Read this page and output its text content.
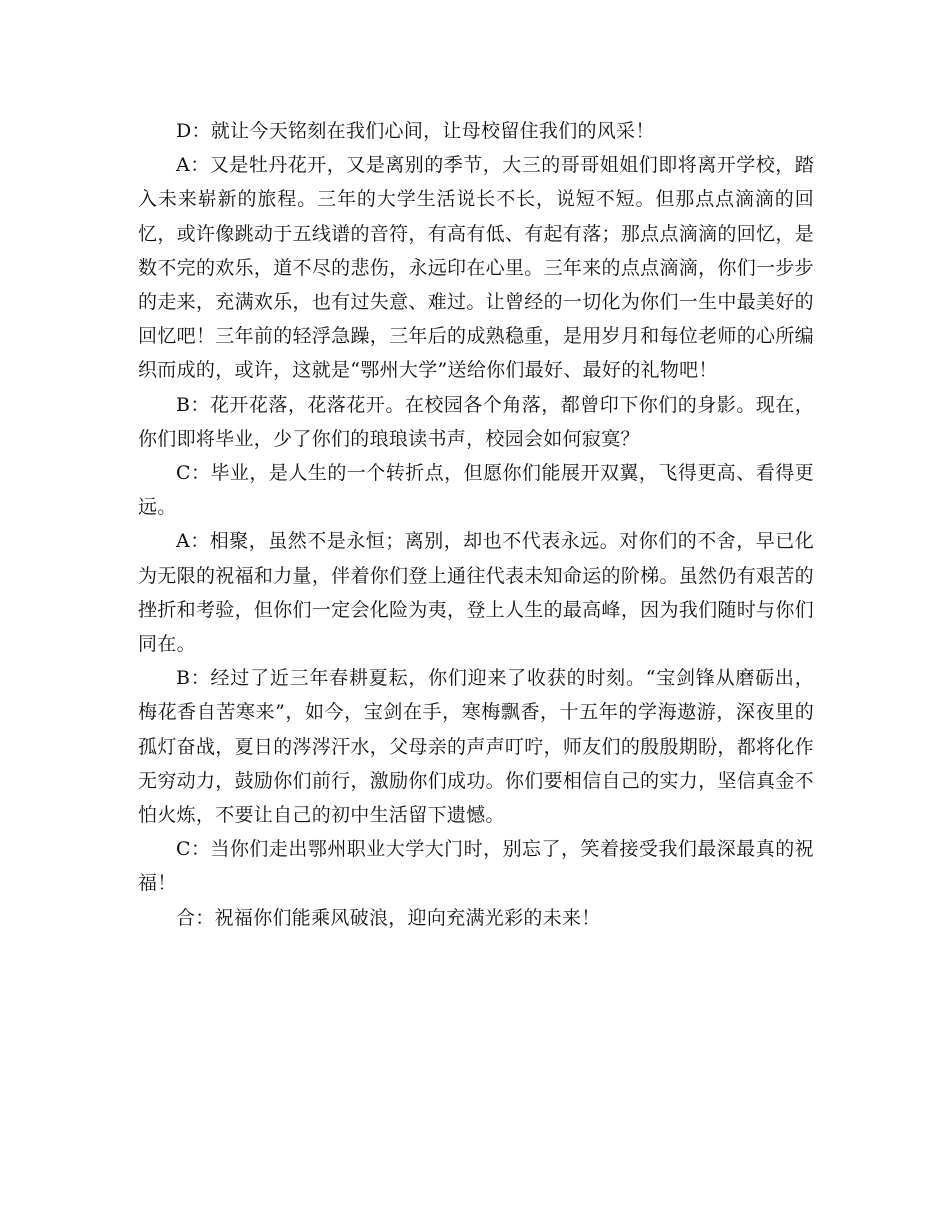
D：就让今天铭刻在我们心间，让母校留住我们的风采！

A：又是牡丹花开，又是离别的季节，大三的哥哥姐姐们即将离开学校，踏入未来崭新的旅程。三年的大学生活说长不长，说短不短。但那点点滴滴的回忆，或许像跳动于五线谱的音符，有高有低、有起有落；那点点滴滴的回忆，是数不完的欢乐，道不尽的悲伤，永远印在心里。三年来的点点滴滴，你们一步步的走来，充满欢乐，也有过失意、难过。让曾经的一切化为你们一生中最美好的回忆吧！三年前的轻浮急躁，三年后的成熟稳重，是用岁月和每位老师的心所编织而成的，或许，这就是“鄂州大学”送给你们最好、最好的礼物吧！

B：花开花落，花落花开。在校园各个角落，都曾印下你们的身影。现在，你们即将毕业，少了你们的琅琅读书声，校园会如何寂寞？

C：毕业，是人生的一个转折点，但愿你们能展开双翼，飞得更高、看得更远。

A：相聚，虽然不是永恒；离别，却也不代表永远。对你们的不舍，早已化为无限的祝福和力量，伴着你们登上通往代表未知命运的阶梯。虽然仍有艰苦的挫折和考验，但你们一定会化险为夷，登上人生的最高峰，因为我们随时与你们同在。

B：经过了近三年春耕夏耘，你们迎来了收获的时刻。“宝剑锋从磨砺出，梅花香自苦寒来”，如今，宝剑在手，寒梅飘香，十五年的学海遨游，深夜里的孤灯奋战，夏日的涔涔汗水，父母亲的声声叮咛，师友们的殷殷期盼，都将化作无穷动力，鼓励你们前行，激励你们成功。你们要相信自己的实力，坚信真金不怕火炼，不要让自己的初中生活留下遗憾。

C：当你们走出鄂州职业大学大门时，别忘了，笑着接受我们最深最真的祝福！

合：祝福你们能乘风破浪，迎向充满光彩的未来！
